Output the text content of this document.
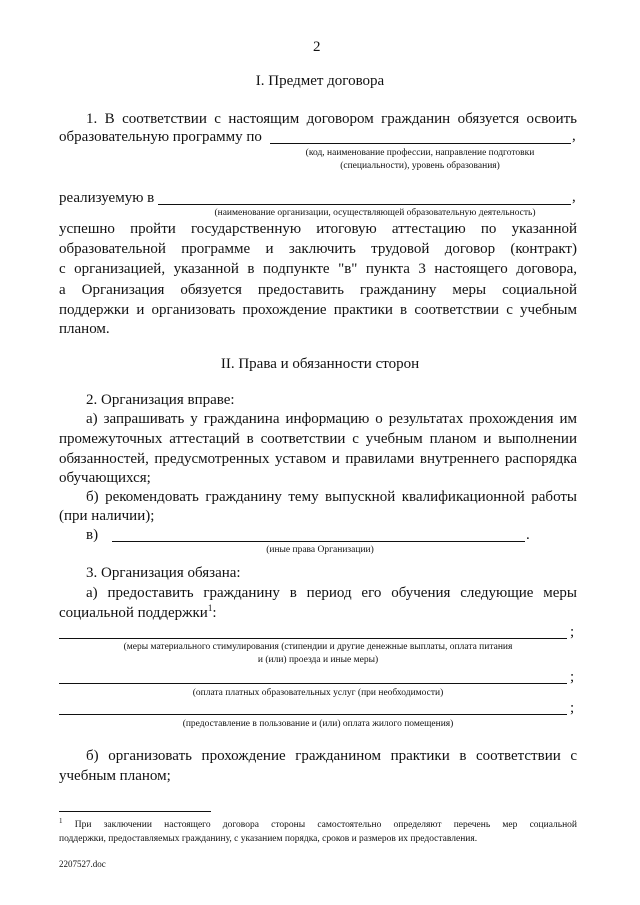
2
I. Предмет договора
1. В соответствии с настоящим договором гражданин обязуется освоить
образовательную программу по	,
(код, наименование профессии, направление подготовки
(специальности), уровень образования)
реализуемую в	,
(наименование организации, осуществляющей образовательную деятельность)
успешно пройти государственную итоговую аттестацию по указанной
образовательной программе и заключить трудовой договор (контракт)
с организацией, указанной в подпункте "в" пункта 3 настоящего договора,
а Организация обязуется предоставить гражданину меры социальной
поддержки и организовать прохождение практики в соответствии с учебным
планом.
II. Права и обязанности сторон
2. Организация вправе:
а) запрашивать у гражданина информацию о результатах прохождения им
промежуточных аттестаций в соответствии с учебным планом и выполнении
обязанностей, предусмотренных уставом и правилами внутреннего распорядка
обучающихся;
б) рекомендовать гражданину тему выпускной квалификационной работы
(при наличии);
в)	.
(иные права Организации)
3. Организация обязана:
а) предоставить гражданину в период его обучения следующие меры
социальной поддержки$^1$:
;
(меры материального стимулирования (стипендии и другие денежные выплаты, оплата питания
и (или) проезда и иные меры)
;
(оплата платных образовательных услуг (при необходимости)
;
(предоставление в пользование и (или) оплата жилого помещения)
б) организовать прохождение гражданином практики в соответствии с
учебным планом;
$^1$ При заключении настоящего договора стороны самостоятельно определяют перечень мер социальной
поддержки, предоставляемых гражданину, с указанием порядка, сроков и размеров их предоставления.
2207527.doc
